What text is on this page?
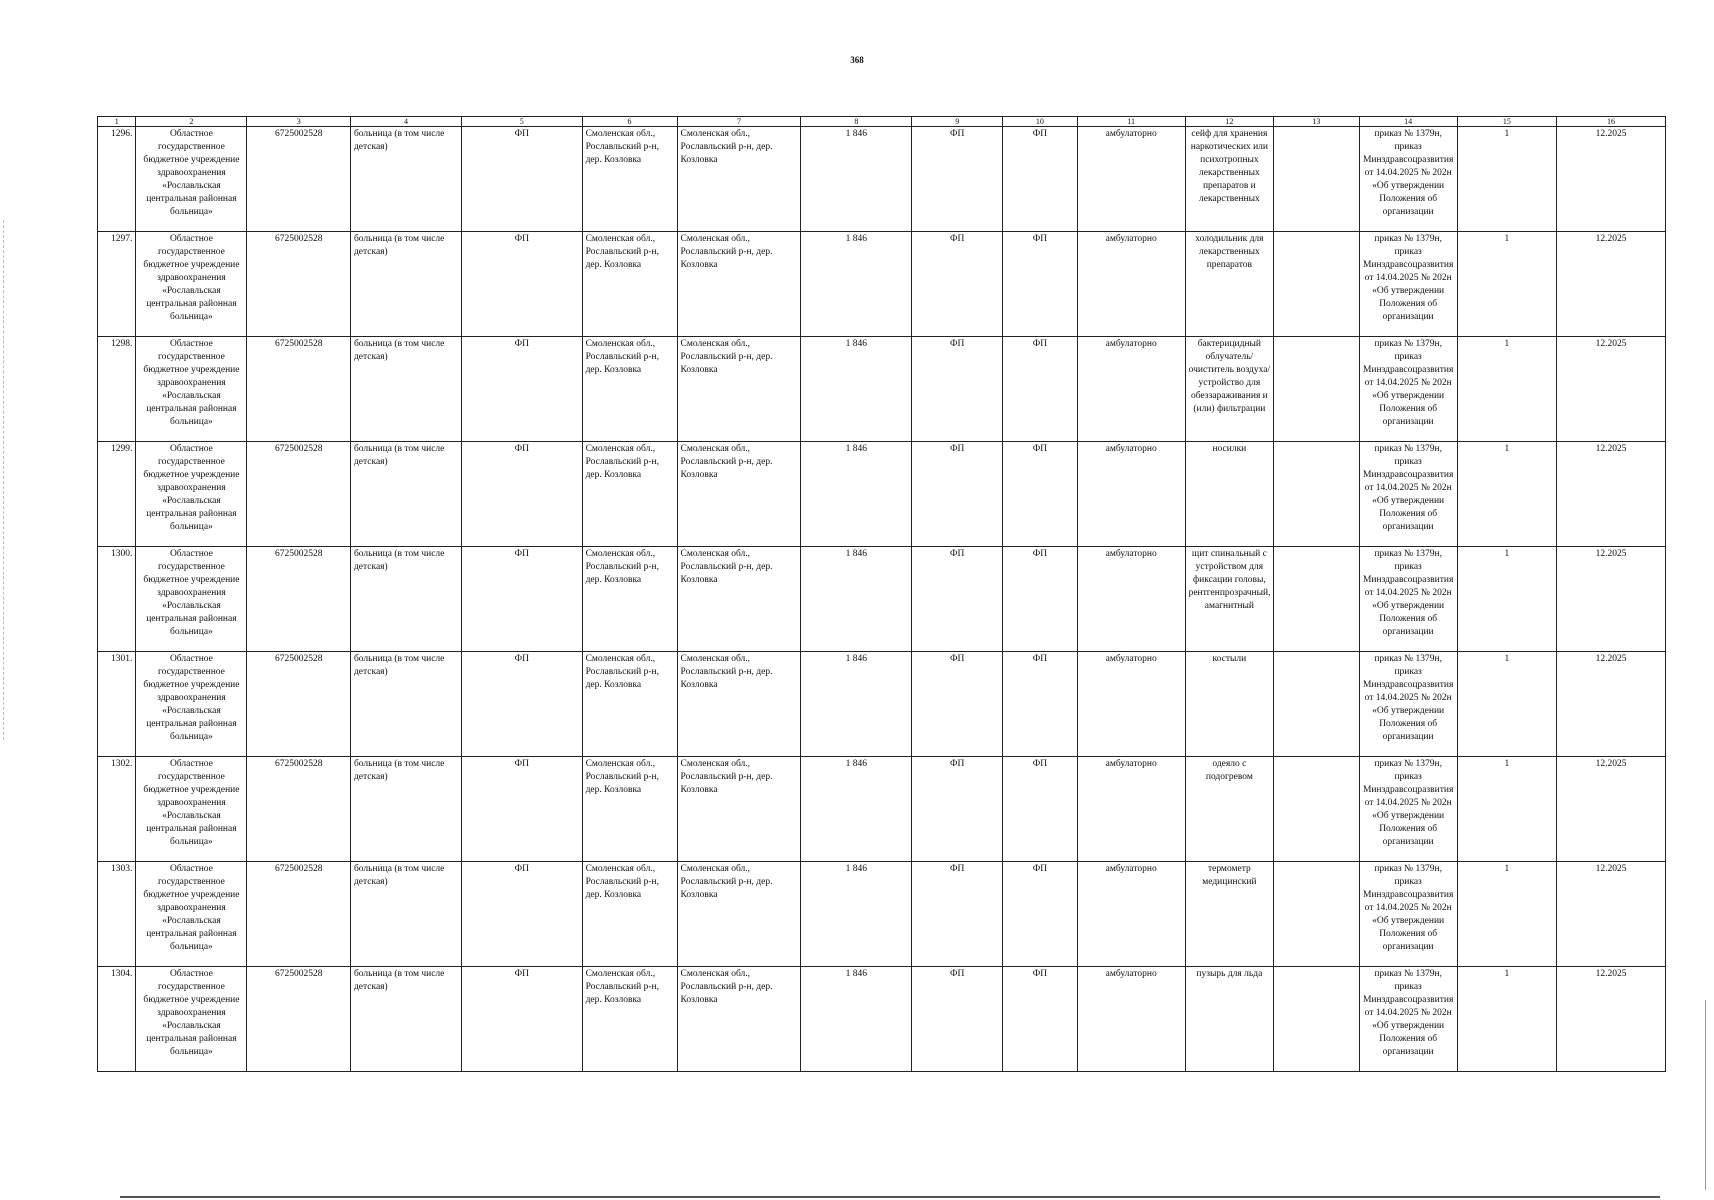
368
1	2	3	4	5	6	7	8	9	10	11	12	13	14	15	16
1296.	Областное государственное бюджетное учреждение здравоохранения «Рославльская центральная районная больница»	6725002528	больница (в том числе детская)	ФП	Смоленская обл., Рославльский р-н, дер. Козловка	Смоленская обл., Рославльский р-н, дер. Козловка	1 846	ФП	ФП	амбулаторно	сейф для хранения наркотических или психотропных лекарственных препаратов и лекарственных		приказ № 1379н, приказ Минздравсоцразвития от 14.04.2025 № 202н «Об утверждении Положения об организации	1	12.2025
1297.	Областное государственное бюджетное учреждение здравоохранения «Рославльская центральная районная больница»	6725002528	больница (в том числе детская)	ФП	Смоленская обл., Рославльский р-н, дер. Козловка	Смоленская обл., Рославльский р-н, дер. Козловка	1 846	ФП	ФП	амбулаторно	холодильник для лекарственных препаратов		приказ № 1379н, приказ Минздравсоцразвития от 14.04.2025 № 202н «Об утверждении Положения об организации	1	12.2025
1298.	Областное государственное бюджетное учреждение здравоохранения «Рославльская центральная районная больница»	6725002528	больница (в том числе детская)	ФП	Смоленская обл., Рославльский р-н, дер. Козловка	Смоленская обл., Рославльский р-н, дер. Козловка	1 846	ФП	ФП	амбулаторно	бактерицидный облучатель/очиститель воздуха/устройство для обеззараживания и (или) фильтрации		приказ № 1379н, приказ Минздравсоцразвития от 14.04.2025 № 202н «Об утверждении Положения об организации	1	12.2025
1299.	Областное государственное бюджетное учреждение здравоохранения «Рославльская центральная районная больница»	6725002528	больница (в том числе детская)	ФП	Смоленская обл., Рославльский р-н, дер. Козловка	Смоленская обл., Рославльский р-н, дер. Козловка	1 846	ФП	ФП	амбулаторно	носилки		приказ № 1379н, приказ Минздравсоцразвития от 14.04.2025 № 202н «Об утверждении Положения об организации	1	12.2025
1300.	Областное государственное бюджетное учреждение здравоохранения «Рославльская центральная районная больница»	6725002528	больница (в том числе детская)	ФП	Смоленская обл., Рославльский р-н, дер. Козловка	Смоленская обл., Рославльский р-н, дер. Козловка	1 846	ФП	ФП	амбулаторно	щит спинальный с устройством для фиксации головы, рентгенпрозрачный, амагнитный		приказ № 1379н, приказ Минздравсоцразвития от 14.04.2025 № 202н «Об утверждении Положения об организации	1	12.2025
1301.	Областное государственное бюджетное учреждение здравоохранения «Рославльская центральная районная больница»	6725002528	больница (в том числе детская)	ФП	Смоленская обл., Рославльский р-н, дер. Козловка	Смоленская обл., Рославльский р-н, дер. Козловка	1 846	ФП	ФП	амбулаторно	костыли		приказ № 1379н, приказ Минздравсоцразвития от 14.04.2025 № 202н «Об утверждении Положения об организации	1	12.2025
1302.	Областное государственное бюджетное учреждение здравоохранения «Рославльская центральная районная больница»	6725002528	больница (в том числе детская)	ФП	Смоленская обл., Рославльский р-н, дер. Козловка	Смоленская обл., Рославльский р-н, дер. Козловка	1 846	ФП	ФП	амбулаторно	одеяло с подогревом		приказ № 1379н, приказ Минздравсоцразвития от 14.04.2025 № 202н «Об утверждении Положения об организации	1	12.2025
1303.	Областное государственное бюджетное учреждение здравоохранения «Рославльская центральная районная больница»	6725002528	больница (в том числе детская)	ФП	Смоленская обл., Рославльский р-н, дер. Козловка	Смоленская обл., Рославльский р-н, дер. Козловка	1 846	ФП	ФП	амбулаторно	термометр медицинский		приказ № 1379н, приказ Минздравсоцразвития от 14.04.2025 № 202н «Об утверждении Положения об организации	1	12.2025
1304.	Областное государственное бюджетное учреждение здравоохранения «Рославльская центральная районная больница»	6725002528	больница (в том числе детская)	ФП	Смоленская обл., Рославльский р-н, дер. Козловка	Смоленская обл., Рославльский р-н, дер. Козловка	1 846	ФП	ФП	амбулаторно	пузырь для льда		приказ № 1379н, приказ Минздравсоцразвития от 14.04.2025 № 202н «Об утверждении Положения об организации	1	12.2025
